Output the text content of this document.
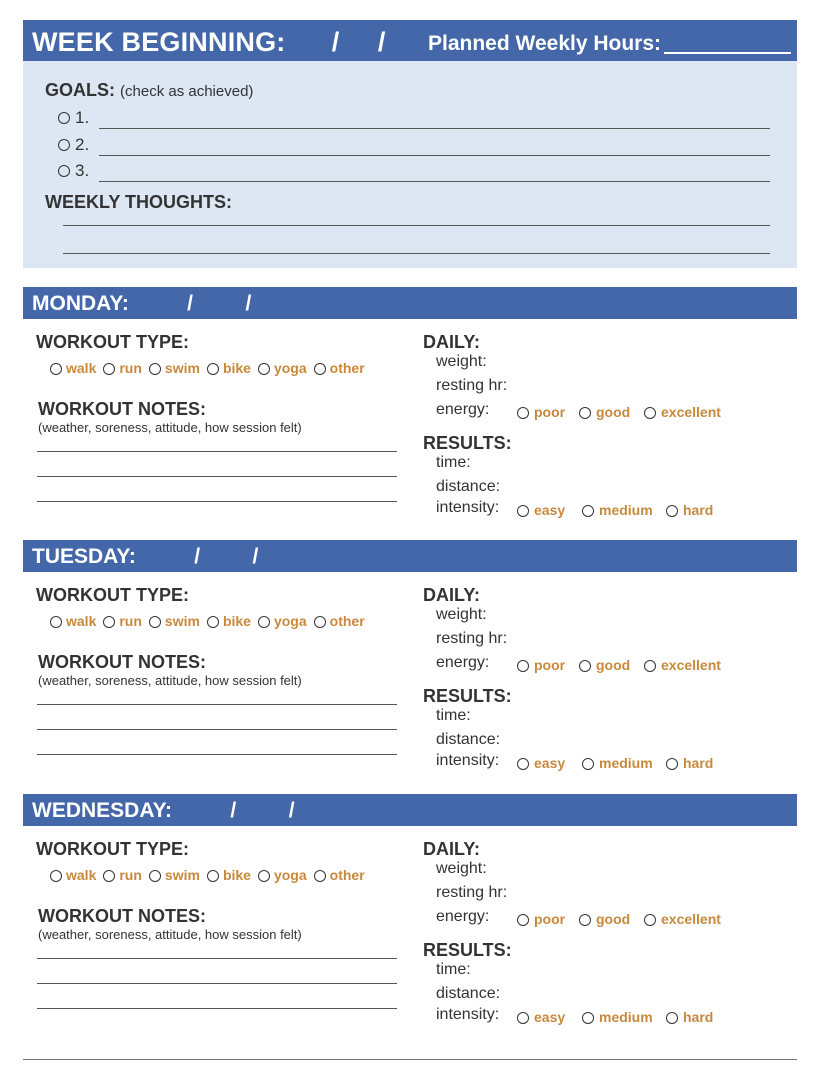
WEEK BEGINNING:      /     / Planned Weekly Hours:
GOALS: (check as achieved)
1.
2.
3.
WEEKLY THOUGHTS:
MONDAY:          /         /
WORKOUT TYPE:
walk run swim bike yoga other
WORKOUT NOTES:
(weather, soreness, attitude, how session felt)
DAILY:
weight:
resting hr:
energy:
RESULTS:
time:
distance:
intensity:
poor	good	excellent
easy	medium	hard
TUESDAY:          /         /
WORKOUT TYPE:
walk run swim bike yoga other
WORKOUT NOTES:
(weather, soreness, attitude, how session felt)
DAILY:
weight:
resting hr:
energy:
RESULTS:
time:
distance:
intensity:
poor	good	excellent
easy	medium	hard
WEDNESDAY:          /         /
WORKOUT TYPE:
walk run swim bike yoga other
WORKOUT NOTES:
(weather, soreness, attitude, how session felt)
DAILY:
weight:
resting hr:
energy:
RESULTS:
time:
distance:
intensity:
poor	good	excellent
easy	medium	hard
